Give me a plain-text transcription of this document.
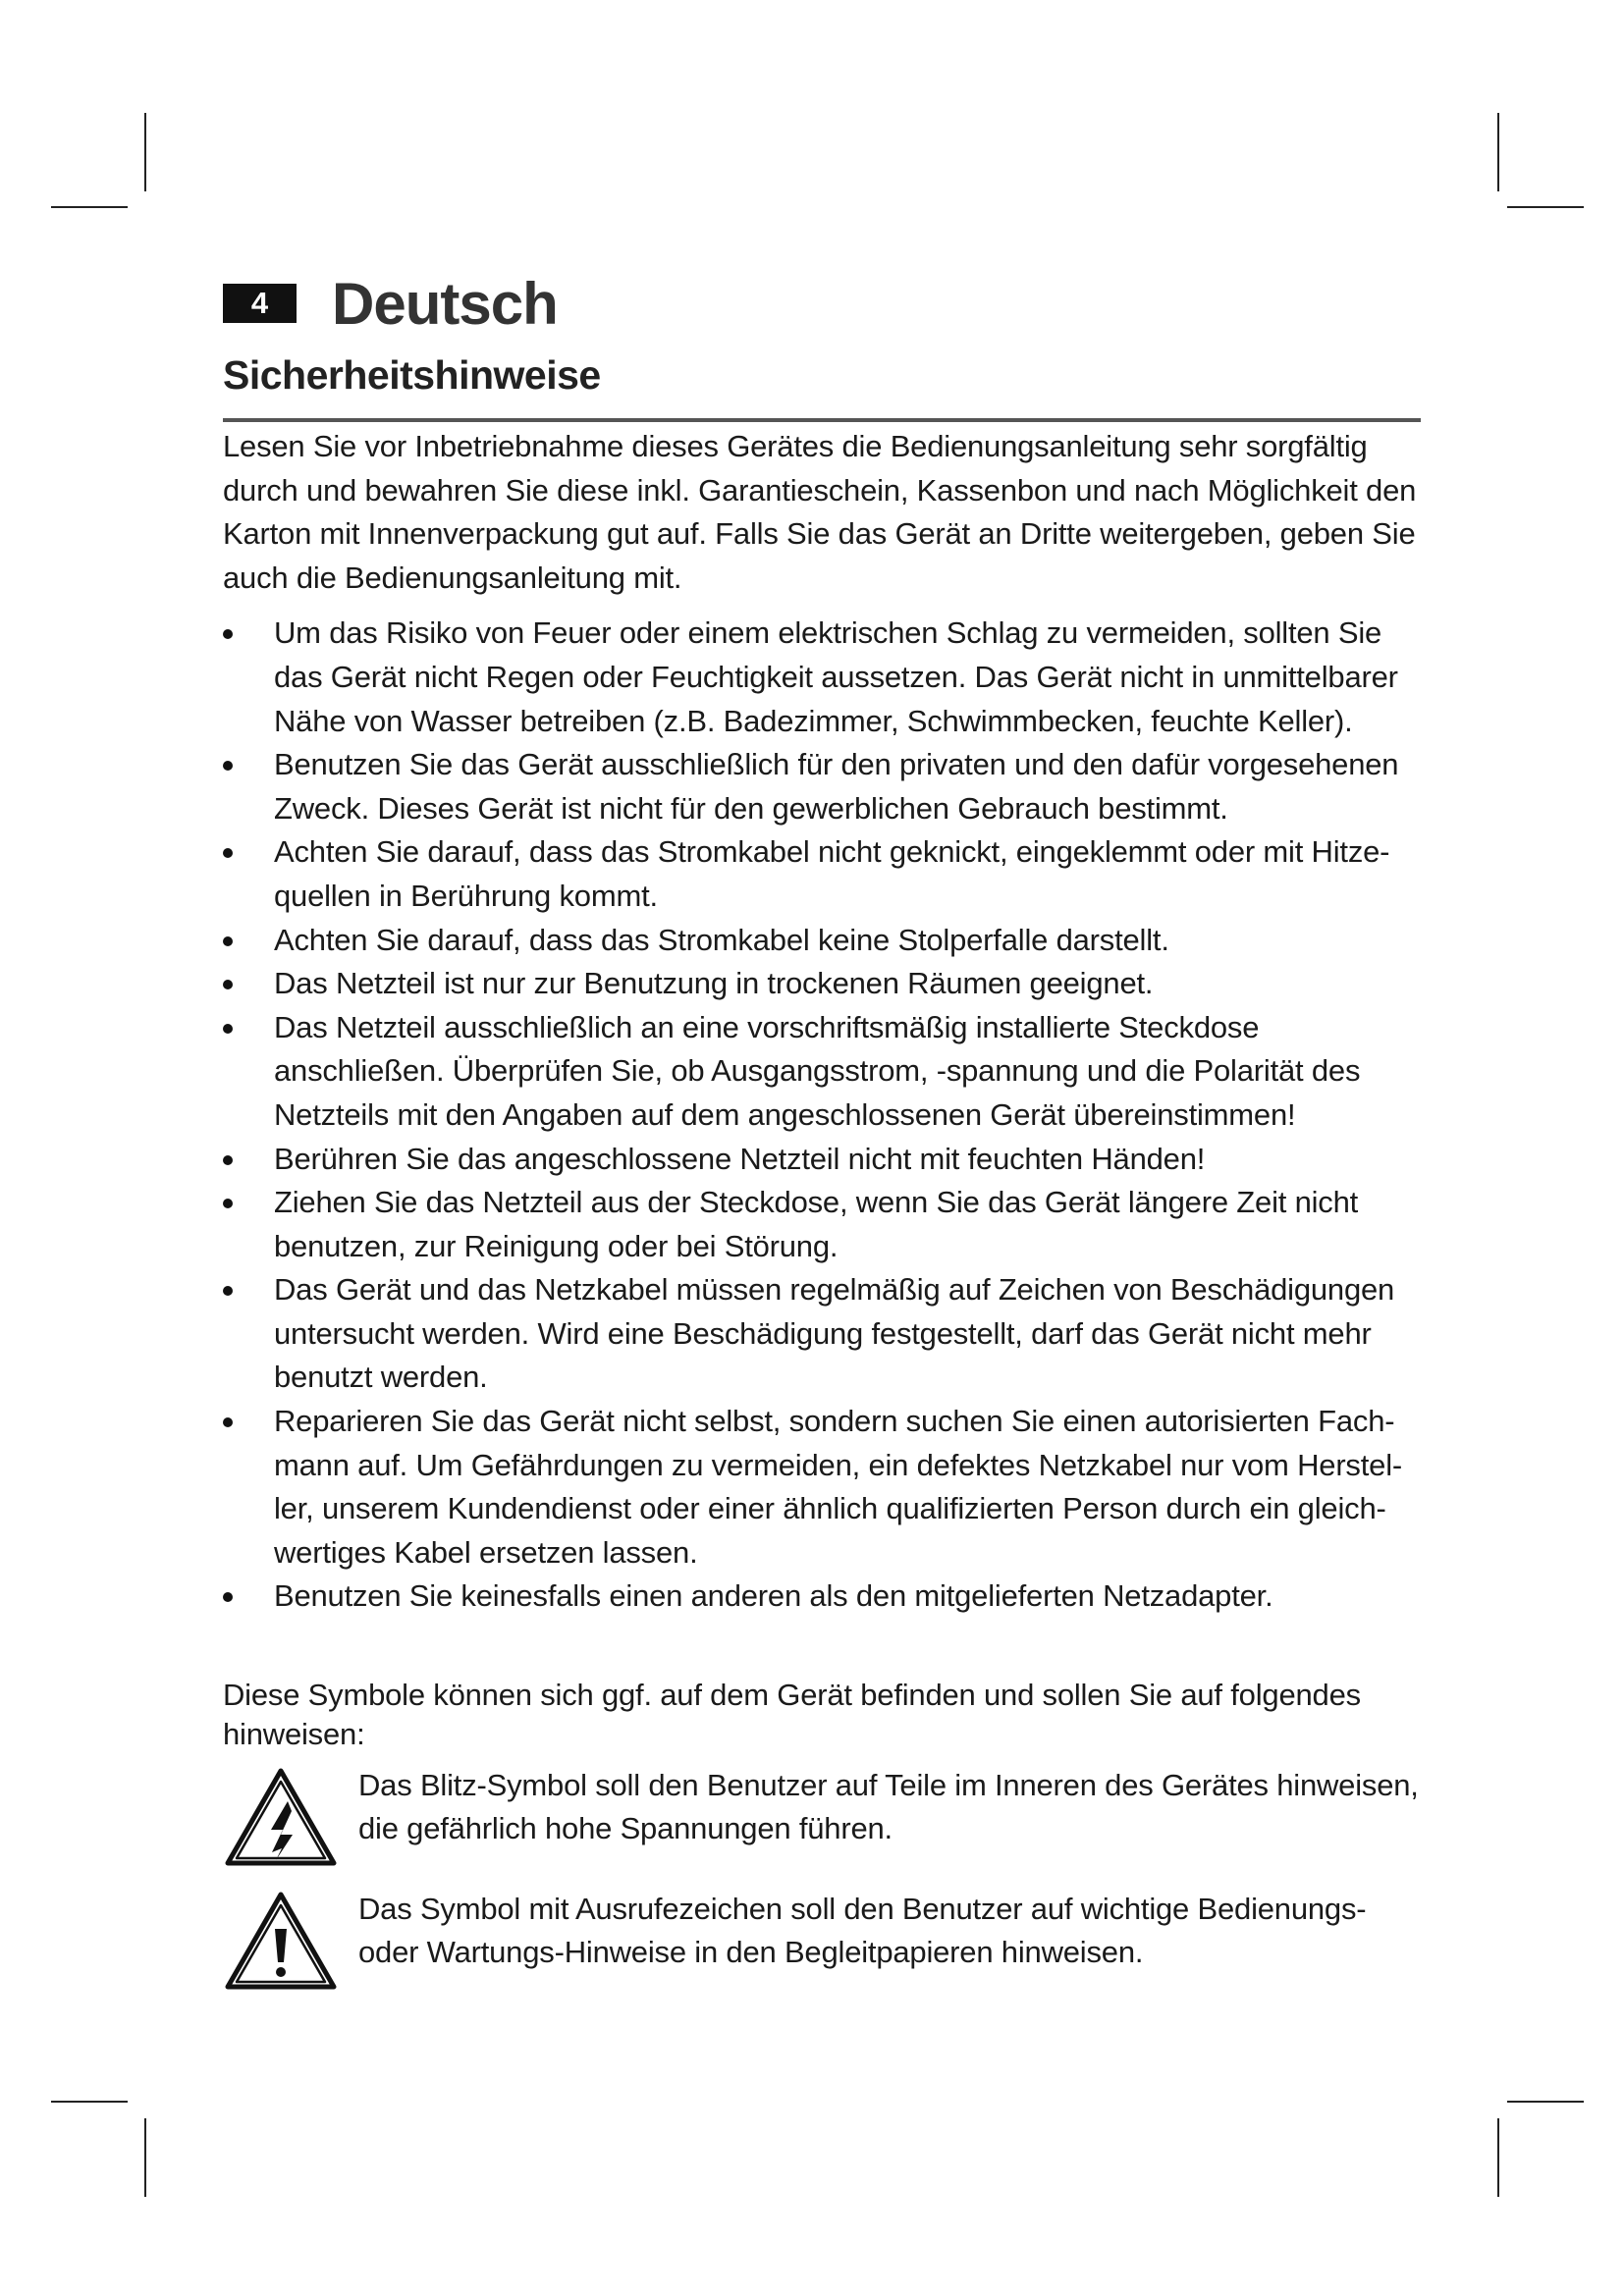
4	Deutsch
Sicherheitshinweise

Lesen Sie vor Inbetriebnahme dieses Gerätes die Bedienungsanleitung sehr sorgfältig durch und bewahren Sie diese inkl. Garantieschein, Kassenbon und nach Möglichkeit den Karton mit Innenverpackung gut auf. Falls Sie das Gerät an Dritte weitergeben, geben Sie auch die Bedienungsanleitung mit.

Um das Risiko von Feuer oder einem elektrischen Schlag zu vermeiden, sollten Sie das Gerät nicht Regen oder Feuchtigkeit aussetzen. Das Gerät nicht in unmittelbarer Nähe von Wasser betreiben (z.B. Badezimmer, Schwimmbecken, feuchte Keller).
Benutzen Sie das Gerät ausschließlich für den privaten und den dafür vorgesehenen Zweck. Dieses Gerät ist nicht für den gewerblichen Gebrauch bestimmt.
Achten Sie darauf, dass das Stromkabel nicht geknickt, eingeklemmt oder mit Hitze-quellen in Berührung kommt.
Achten Sie darauf, dass das Stromkabel keine Stolperfalle darstellt.
Das Netzteil ist nur zur Benutzung in trockenen Räumen geeignet.
Das Netzteil ausschließlich an eine vorschriftsmäßig installierte Steckdose anschließen. Überprüfen Sie, ob Ausgangsstrom, -spannung und die Polarität des Netzteils mit den Angaben auf dem angeschlossenen Gerät übereinstimmen!
Berühren Sie das angeschlossene Netzteil nicht mit feuchten Händen!
Ziehen Sie das Netzteil aus der Steckdose, wenn Sie das Gerät längere Zeit nicht benutzen, zur Reinigung oder bei Störung.
Das Gerät und das Netzkabel müssen regelmäßig auf Zeichen von Beschädigungen untersucht werden. Wird eine Beschädigung festgestellt, darf das Gerät nicht mehr benutzt werden.
Reparieren Sie das Gerät nicht selbst, sondern suchen Sie einen autorisierten Fach-mann auf. Um Gefährdungen zu vermeiden, ein defektes Netzkabel nur vom Herstel-ler, unserem Kundendienst oder einer ähnlich qualifizierten Person durch ein gleich-wertiges Kabel ersetzen lassen.
Benutzen Sie keinesfalls einen anderen als den mitgelieferten Netzadapter.

Diese Symbole können sich ggf. auf dem Gerät befinden und sollen Sie auf folgendes hinweisen:

Das Blitz-Symbol soll den Benutzer auf Teile im Inneren des Gerätes hinweisen, die gefährlich hohe Spannungen führen.
Das Symbol mit Ausrufezeichen soll den Benutzer auf wichtige Bedienungs- oder Wartungs-Hinweise in den Begleitpapieren hinweisen.
